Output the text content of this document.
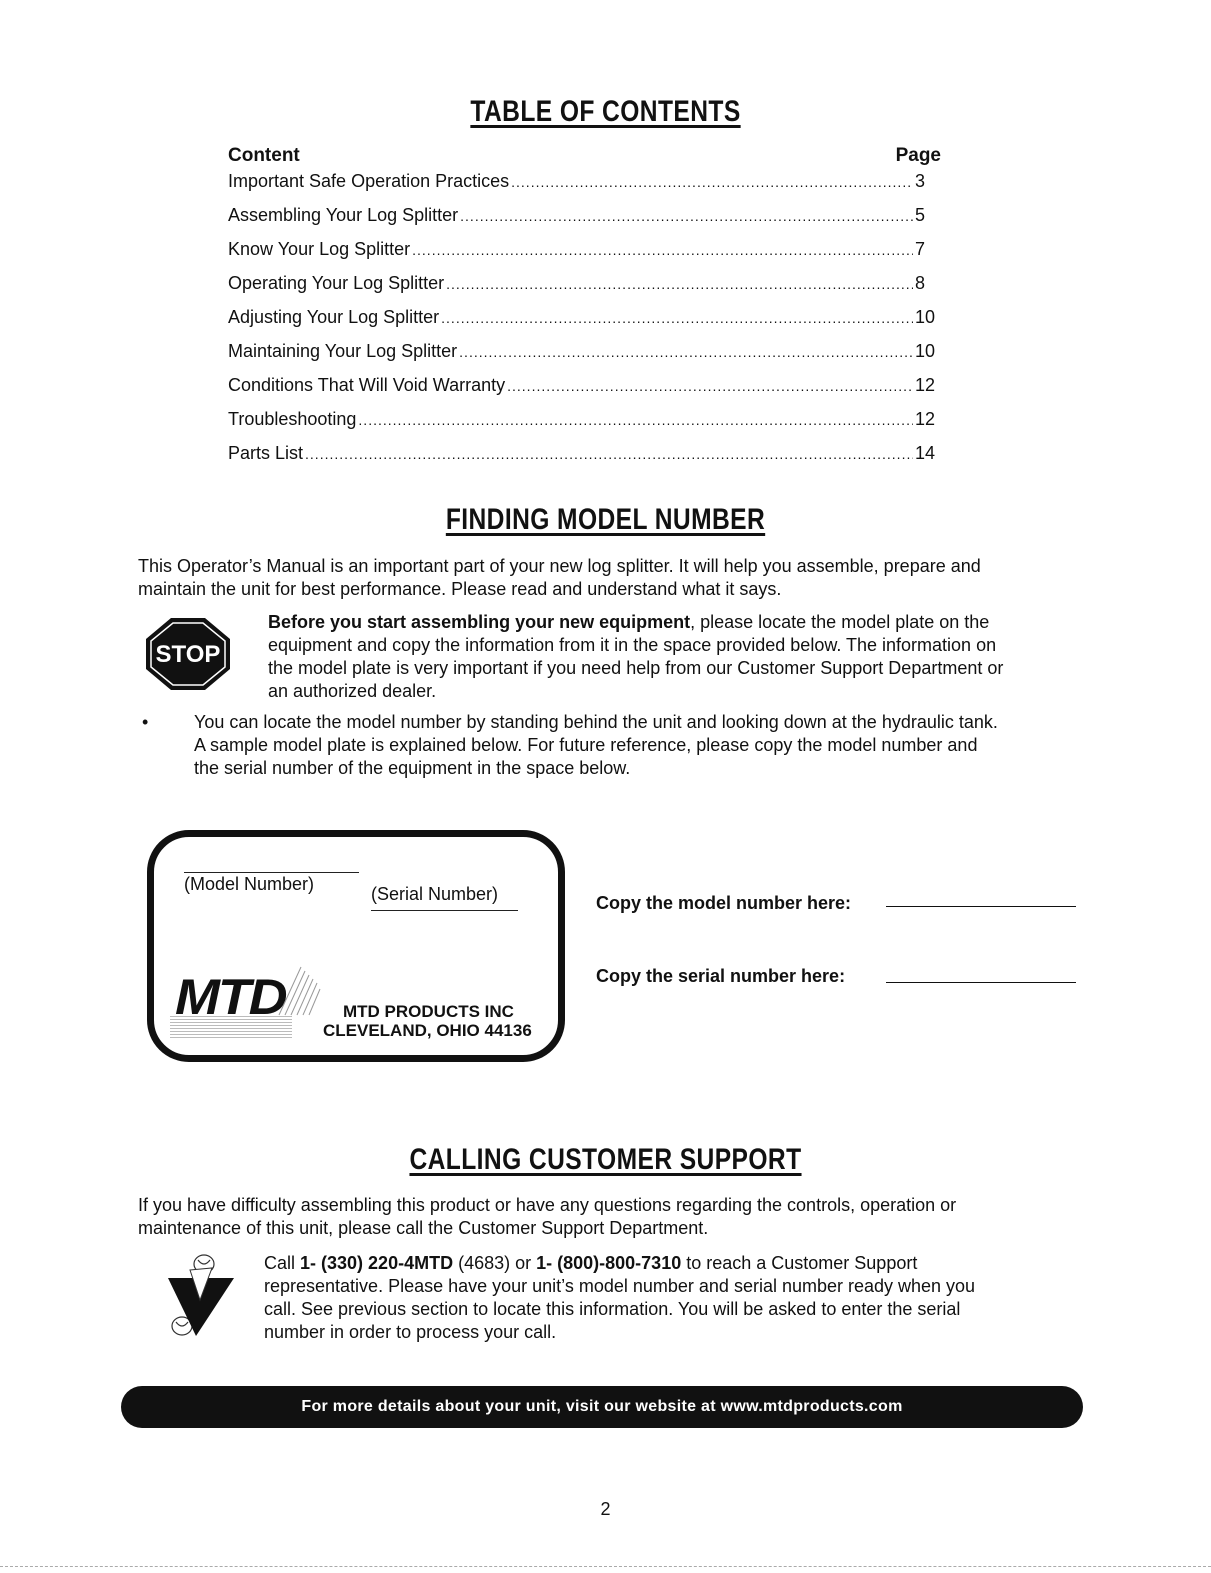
TABLE OF CONTENTS
Content	Page
Important Safe Operation Practices .....	3
Assembling Your Log Splitter .....	5
Know Your Log Splitter .....	7
Operating Your Log Splitter .....	8
Adjusting Your Log Splitter .....	10
Maintaining Your Log Splitter .....	10
Conditions That Will Void Warranty .....	12
Troubleshooting .....	12
Parts List .....	14
FINDING MODEL NUMBER
This Operator’s Manual is an important part of your new log splitter. It will help you assemble, prepare and
maintain the unit for best performance. Please read and understand what it says.
STOP
Before you start assembling your new equipment, please locate the model plate on the
equipment and copy the information from it in the space provided below. The information on
the model plate is very important if you need help from our Customer Support Department or
an authorized dealer.
•	You can locate the model number by standing behind the unit and looking down at the hydraulic tank.
A sample model plate is explained below. For future reference, please copy the model number and
the serial number of the equipment in the space below.
(Model Number)	(Serial Number)
MTD	MTD PRODUCTS INC
CLEVELAND, OHIO 44136
Copy the model number here:
Copy the serial number here:
CALLING CUSTOMER SUPPORT
If you have difficulty assembling this product or have any questions regarding the controls, operation or
maintenance of this unit, please call the Customer Support Department.
Call 1- (330) 220-4MTD (4683) or 1- (800)-800-7310 to reach a Customer Support
representative. Please have your unit’s model number and serial number ready when you
call. See previous section to locate this information. You will be asked to enter the serial
number in order to process your call.
For more details about your unit, visit our website at www.mtdproducts.com
2
